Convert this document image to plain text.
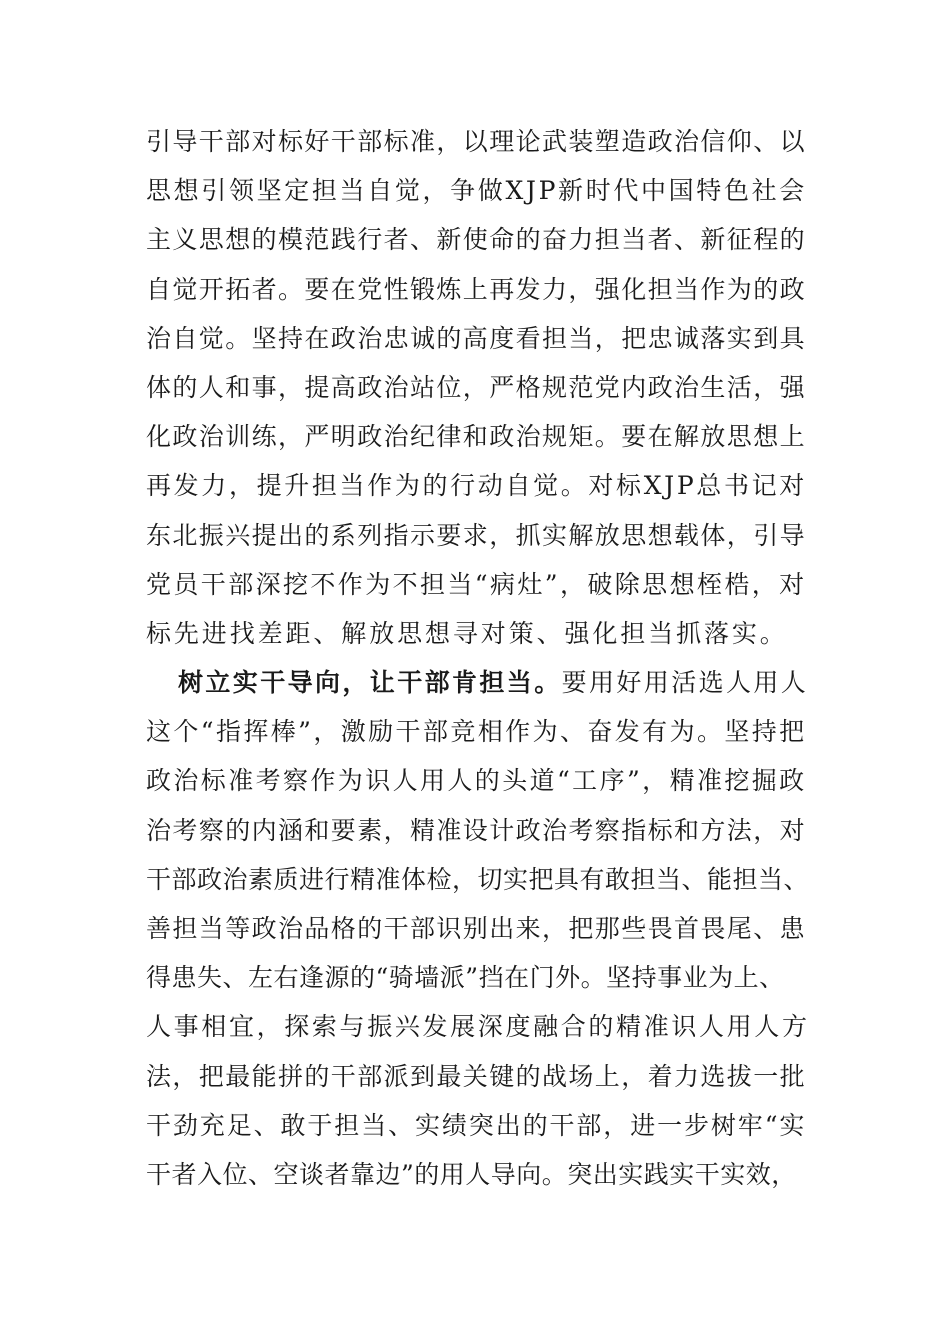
引导干部对标好干部标准，以理论武装塑造政治信仰、以
思想引领坚定担当自觉，争做XJP新时代中国特色社会
主义思想的模范践行者、新使命的奋力担当者、新征程的
自觉开拓者。要在党性锻炼上再发力，强化担当作为的政
治自觉。坚持在政治忠诚的高度看担当，把忠诚落实到具
体的人和事，提高政治站位，严格规范党内政治生活，强
化政治训练，严明政治纪律和政治规矩。要在解放思想上
再发力，提升担当作为的行动自觉。对标XJP总书记对
东北振兴提出的系列指示要求，抓实解放思想载体，引导
党员干部深挖不作为不担当“病灶”，破除思想桎梏，对
标先进找差距、解放思想寻对策、强化担当抓落实。
树立实干导向，让干部肯担当。要用好用活选人用人
这个“指挥棒”，激励干部竞相作为、奋发有为。坚持把
政治标准考察作为识人用人的头道“工序”，精准挖掘政
治考察的内涵和要素，精准设计政治考察指标和方法，对
干部政治素质进行精准体检，切实把具有敢担当、能担当、
善担当等政治品格的干部识别出来，把那些畏首畏尾、患
得患失、左右逢源的“骑墙派”挡在门外。坚持事业为上、
人事相宜，探索与振兴发展深度融合的精准识人用人方
法，把最能拼的干部派到最关键的战场上，着力选拔一批
干劲充足、敢于担当、实绩突出的干部，进一步树牢“实
干者入位、空谈者靠边”的用人导向。突出实践实干实效，
